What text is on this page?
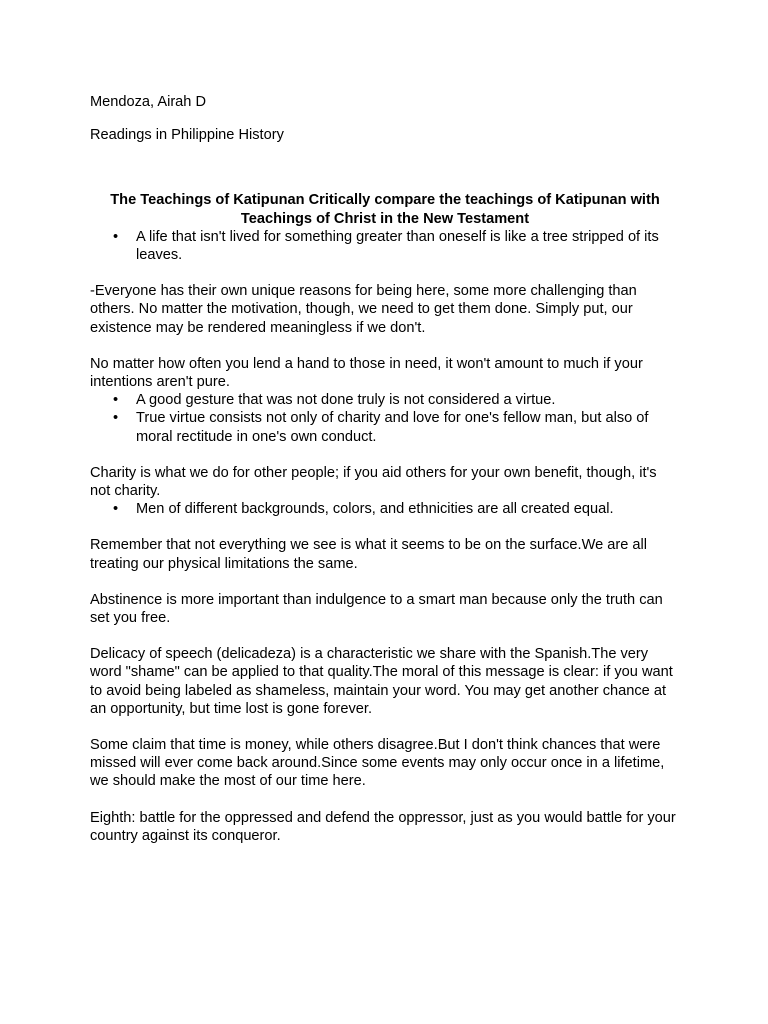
Mendoza, Airah D

Readings in Philippine History

The Teachings of Katipunan Critically compare the teachings of Katipunan with Teachings of Christ in the New Testament

• A life that isn't lived for something greater than oneself is like a tree stripped of its leaves.

-Everyone has their own unique reasons for being here, some more challenging than others. No matter the motivation, though, we need to get them done. Simply put, our existence may be rendered meaningless if we don't.

No matter how often you lend a hand to those in need, it won't amount to much if your intentions aren't pure.

• A good gesture that was not done truly is not considered a virtue.
• True virtue consists not only of charity and love for one's fellow man, but also of moral rectitude in one's own conduct.

Charity is what we do for other people; if you aid others for your own benefit, though, it's not charity.

• Men of different backgrounds, colors, and ethnicities are all created equal.

Remember that not everything we see is what it seems to be on the surface.We are all treating our physical limitations the same.

Abstinence is more important than indulgence to a smart man because only the truth can set you free.

Delicacy of speech (delicadeza) is a characteristic we share with the Spanish.The very word "shame" can be applied to that quality.The moral of this message is clear: if you want to avoid being labeled as shameless, maintain your word. You may get another chance at an opportunity, but time lost is gone forever.

Some claim that time is money, while others disagree.But I don't think chances that were missed will ever come back around.Since some events may only occur once in a lifetime, we should make the most of our time here.

Eighth: battle for the oppressed and defend the oppressor, just as you would battle for your country against its conqueror.
